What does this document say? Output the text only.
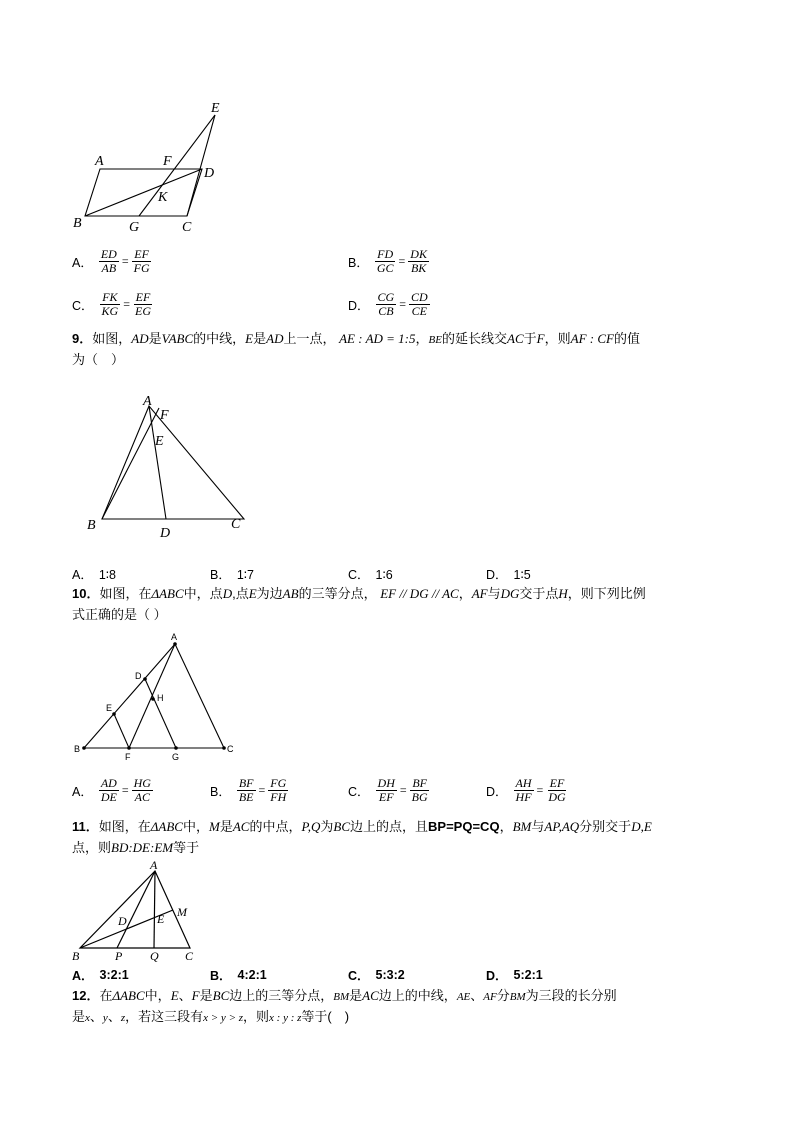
A	F
E
D
K
B	G	C
A． $\frac{ED}{AB} = \frac{EF}{FG}$	B． $\frac{FD}{GC} = \frac{DK}{BK}$
C． $\frac{FK}{KG} = \frac{EF}{EG}$	D． $\frac{CG}{CB} = \frac{CD}{CE}$
9．如图，AD是VABC的中线，E是AD上一点， AE : AD = 1:5，BE的延长线交AC于F，则AF : CF的值
为（　）
A
F
E
B
D
C
A． 1∶8	B． 1∶7	C． 1∶6	D． 1∶5
10．如图，在ΔABC中，点D,点E为边AB的三等分点， EF // DG // AC，AF与DG交于点H，则下列比例
式正确的是（ ）
A
D
H
E
B
F	G
C
A． $\frac{AD}{DE} = \frac{HG}{AC}$	B． $\frac{BF}{BE} = \frac{FG}{FH}$	C． $\frac{DH}{EF} = \frac{BF}{BG}$	D． $\frac{AH}{HF} = \frac{EF}{DG}$
11．如图，在ΔABC中，M是AC的中点，P,Q为BC边上的点，且BP=PQ=CQ，BM与AP,AQ分别交于D,E
点，则BD:DE:EM等于
A
M
D	E
B	P Q C
A． 3:2:1	B． 4:2:1	C． 5:3:2	D． 5:2:1
12．在ΔABC中，E、F是BC边上的三等分点，BM是AC边上的中线，AE、AF分BM为三段的长分别
是x、y、z，若这三段有x > y > z，则x : y : z等于(　)
